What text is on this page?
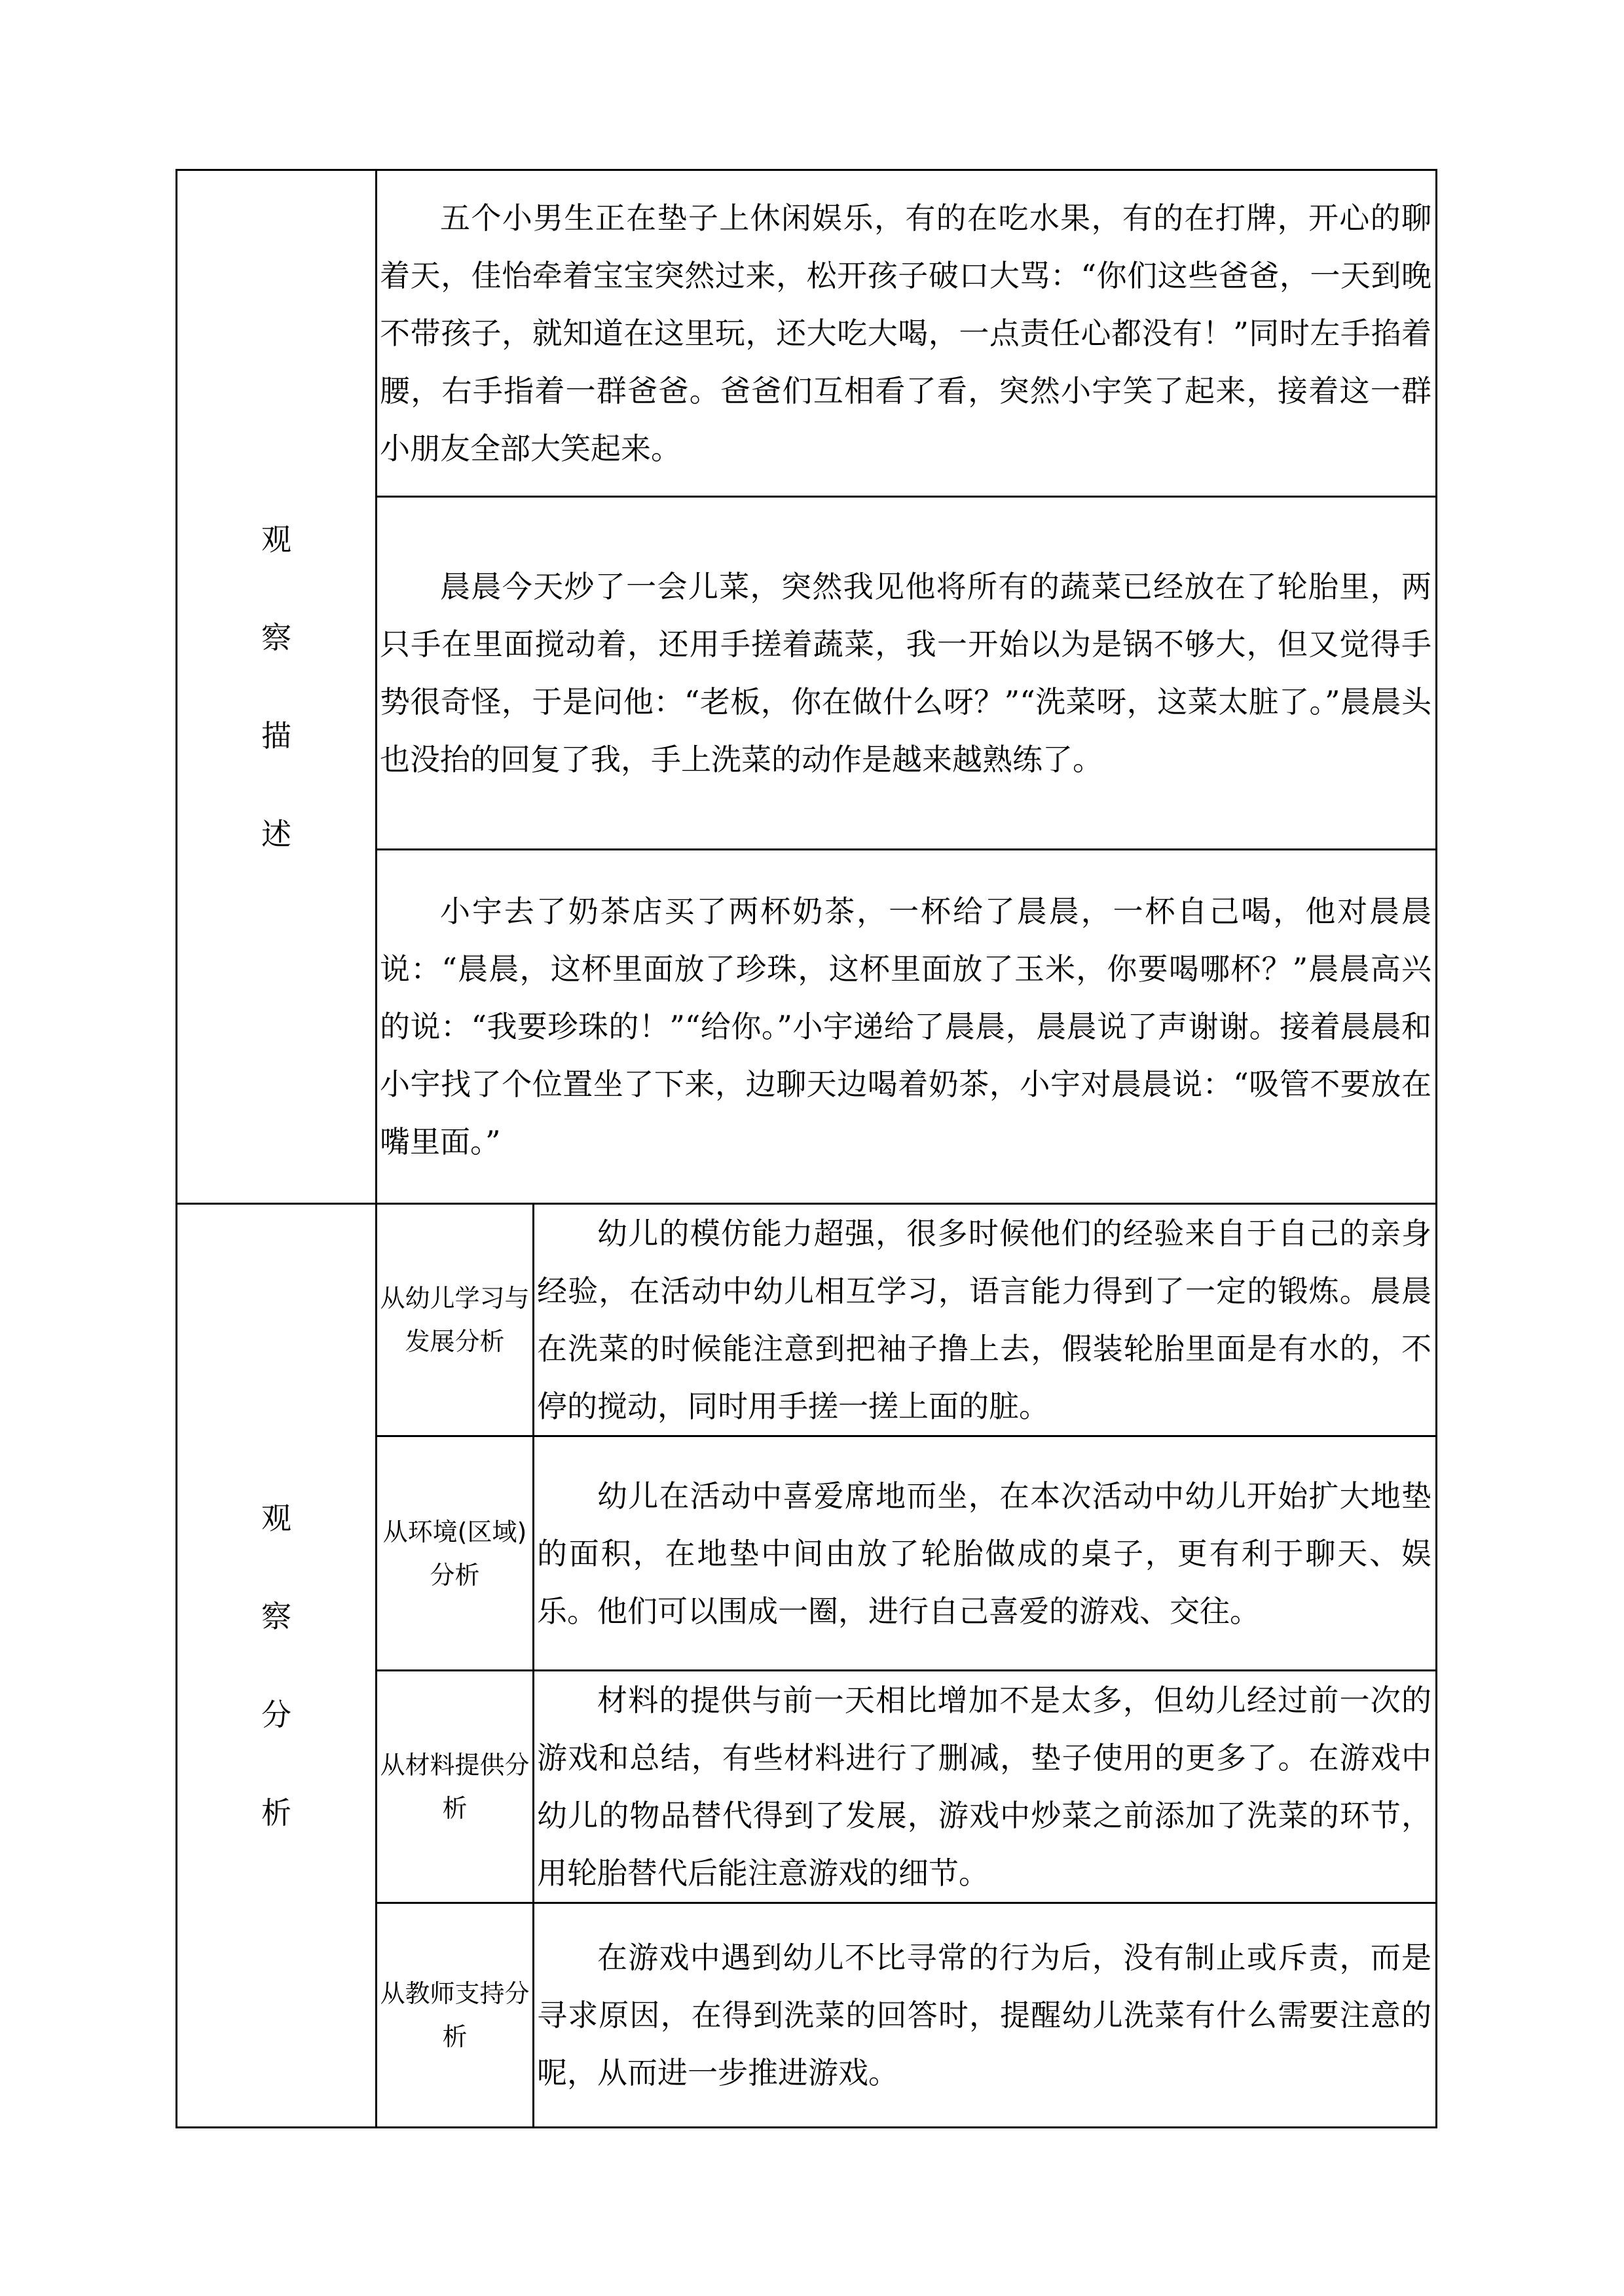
观
察
描
述	五个小男生正在垫子上休闲娱乐，有的在吃水果，有的在打牌，开心的聊着天，佳怡牵着宝宝突然过来，松开孩子破口大骂：“你们这些爸爸，一天到晚不带孩子，就知道在这里玩，还大吃大喝，一点责任心都没有！”同时左手掐着腰，右手指着一群爸爸。爸爸们互相看了看，突然小宇笑了起来，接着这一群小朋友全部大笑起来。	

	晨晨今天炒了一会儿菜，突然我见他将所有的蔬菜已经放在了轮胎里，两只手在里面搅动着，还用手搓着蔬菜，我一开始以为是锅不够大，但又觉得手势很奇怪，于是问他：“老板，你在做什么呀？”“洗菜呀，这菜太脏了。”晨晨头也没抬的回复了我，手上洗菜的动作是越来越熟练了。	

	小宇去了奶茶店买了两杯奶茶，一杯给了晨晨，一杯自己喝，他对晨晨说：“晨晨，这杯里面放了珍珠，这杯里面放了玉米，你要喝哪杯？”晨晨高兴的说：“我要珍珠的！”“给你。”小宇递给了晨晨，晨晨说了声谢谢。接着晨晨和小宇找了个位置坐了下来，边聊天边喝着奶茶，小宇对晨晨说：“吸管不要放在嘴里面。”	

观
察
分
析	从幼儿学习与发展分析	幼儿的模仿能力超强，很多时候他们的经验来自于自己的亲身经验，在活动中幼儿相互学习，语言能力得到了一定的锻炼。晨晨在洗菜的时候能注意到把袖子撸上去，假装轮胎里面是有水的，不停的搅动，同时用手搓一搓上面的脏。

	从环境(区域)分析	幼儿在活动中喜爱席地而坐，在本次活动中幼儿开始扩大地垫的面积，在地垫中间由放了轮胎做成的桌子，更有利于聊天、娱乐。他们可以围成一圈，进行自己喜爱的游戏、交往。

	从材料提供分析	材料的提供与前一天相比增加不是太多，但幼儿经过前一次的游戏和总结，有些材料进行了删减，垫子使用的更多了。在游戏中幼儿的物品替代得到了发展，游戏中炒菜之前添加了洗菜的环节，用轮胎替代后能注意游戏的细节。

	从教师支持分析	在游戏中遇到幼儿不比寻常的行为后，没有制止或斥责，而是寻求原因，在得到洗菜的回答时，提醒幼儿洗菜有什么需要注意的呢，从而进一步推进游戏。
